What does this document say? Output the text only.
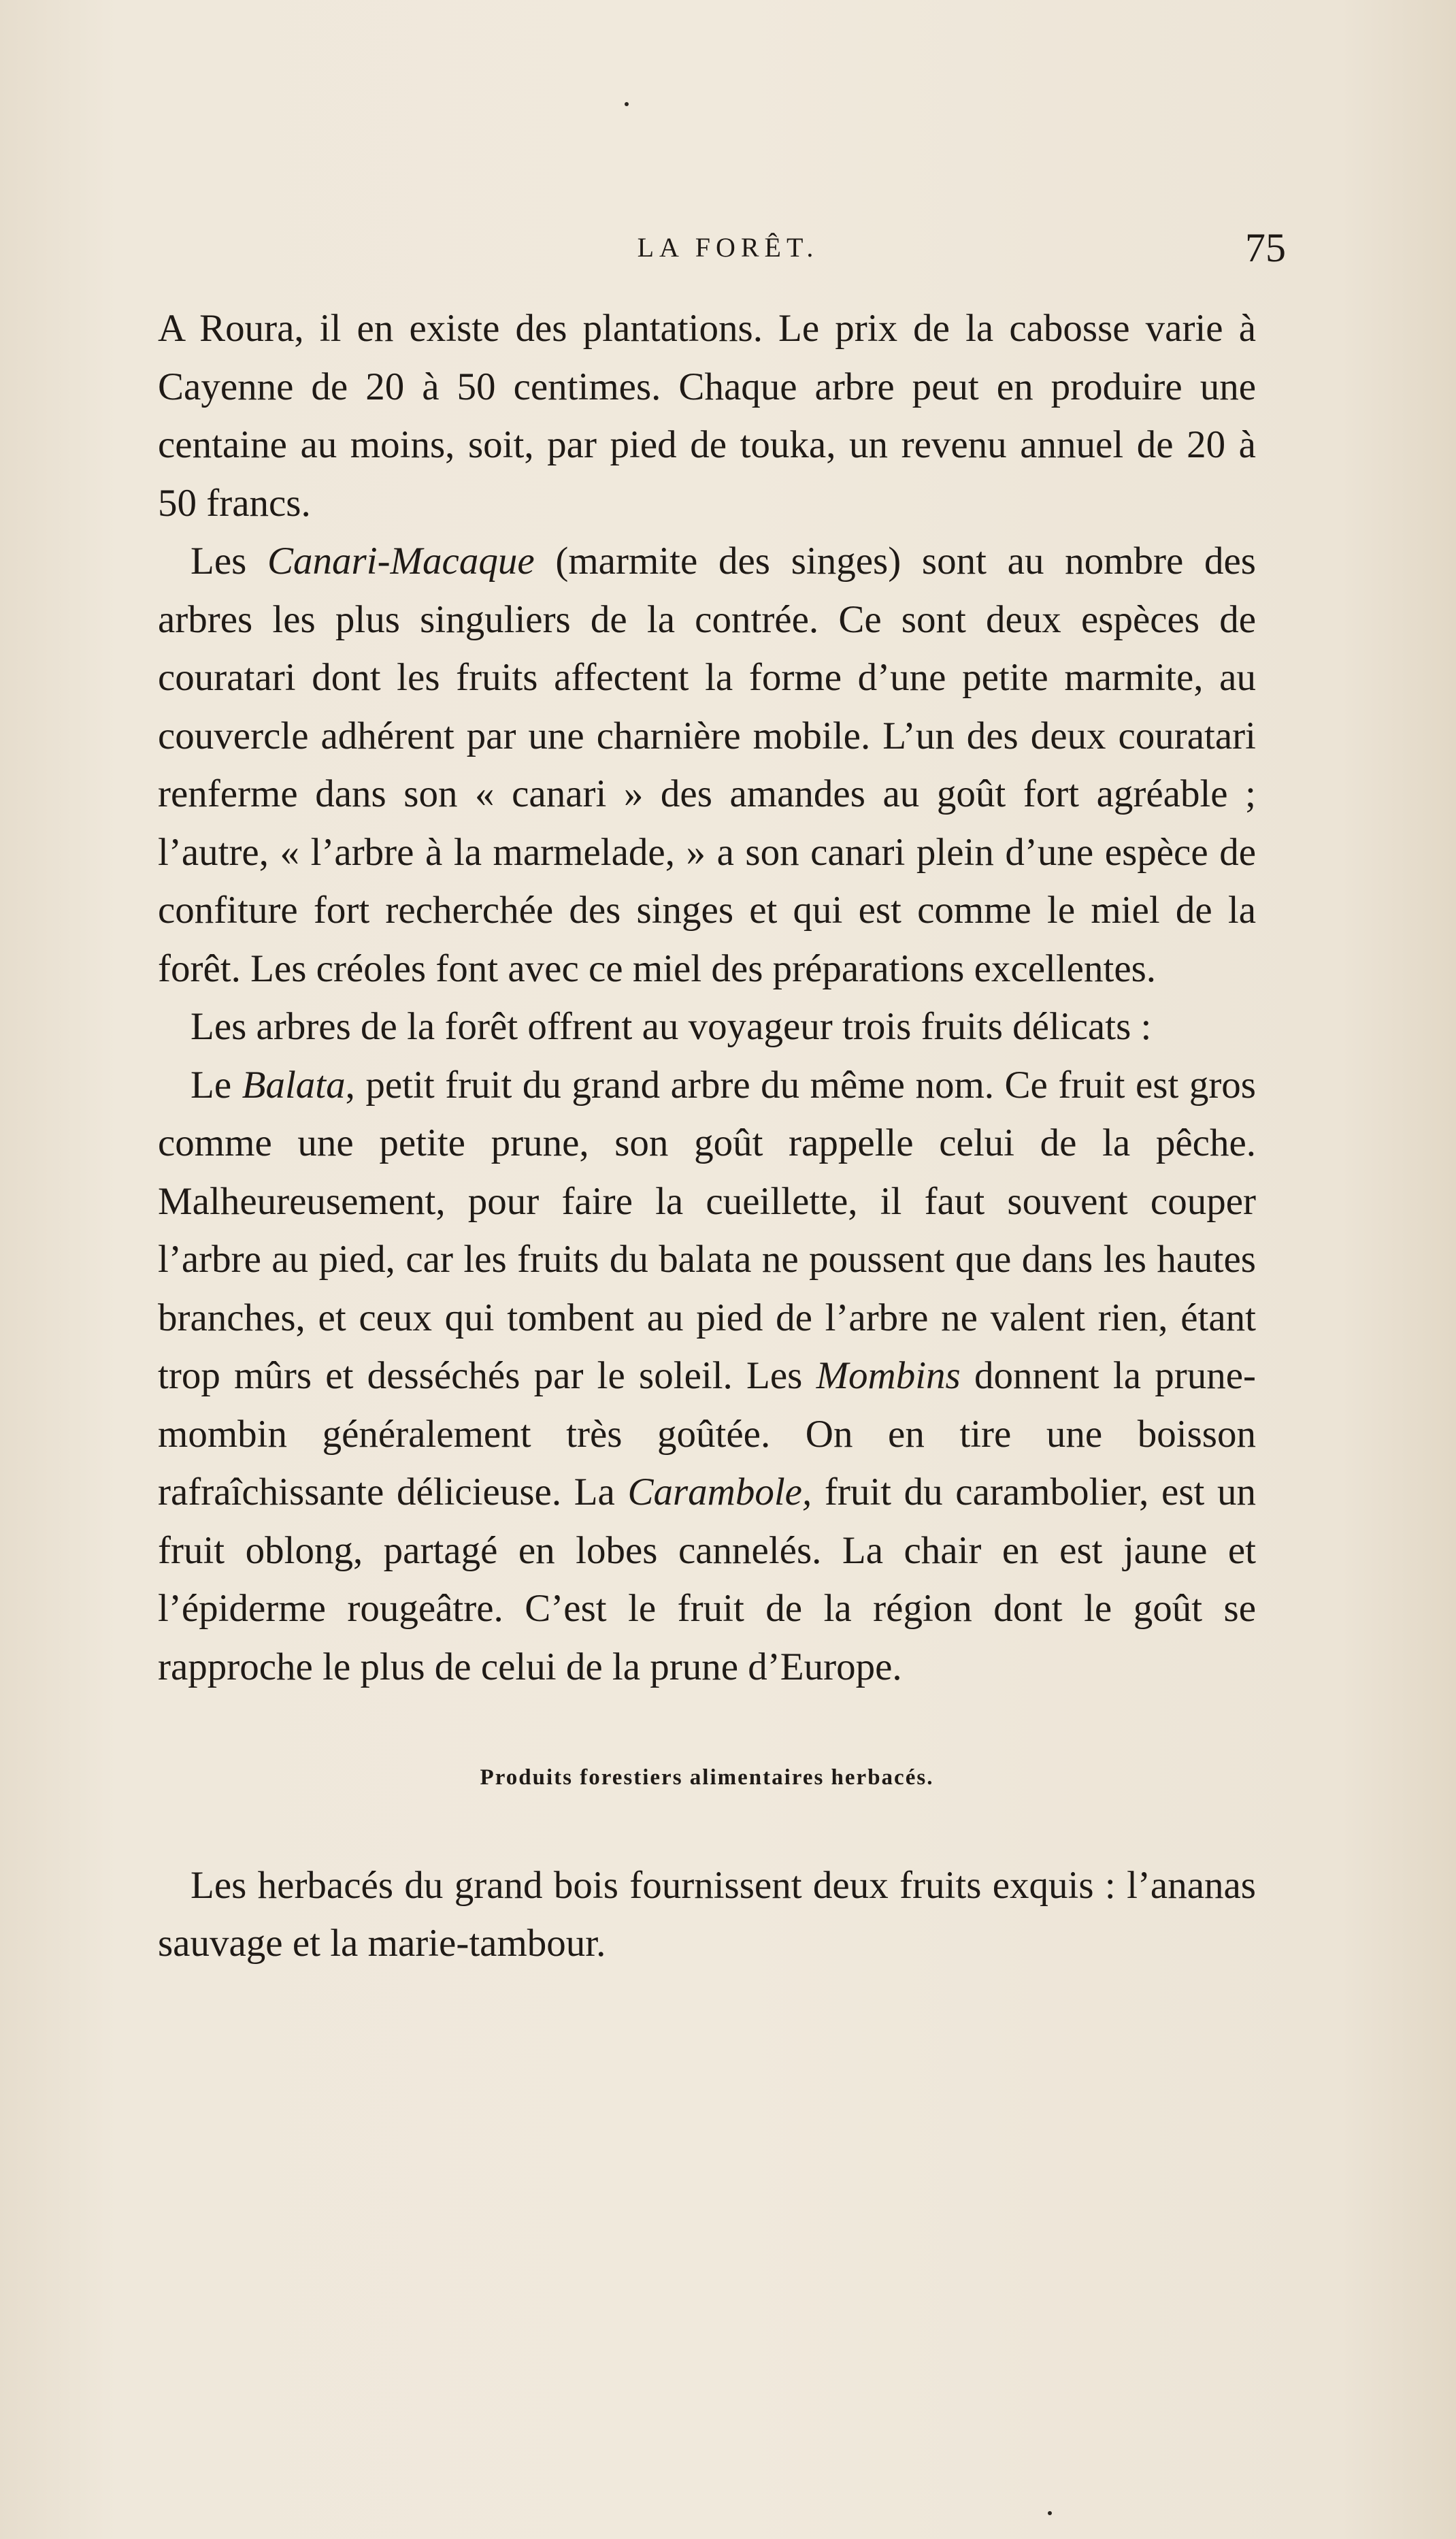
LA FORÊT.	75

A Roura, il en existe des plantations. Le prix de la cabosse varie à Cayenne de 20 à 50 centimes. Chaque arbre peut en produire une centaine au moins, soit, par pied de touka, un revenu annuel de 20 à 50 francs.

Les Canari-Macaque (marmite des singes) sont au nombre des arbres les plus singuliers de la contrée. Ce sont deux espèces de couratari dont les fruits affectent la forme d’une petite marmite, au couvercle adhérent par une charnière mobile. L’un des deux couratari renferme dans son « canari » des amandes au goût fort agréable ; l’autre, « l’arbre à la marmelade, » a son canari plein d’une espèce de confiture fort recherchée des singes et qui est comme le miel de la forêt. Les créoles font avec ce miel des préparations excellentes.

Les arbres de la forêt offrent au voyageur trois fruits délicats :

Le Balata, petit fruit du grand arbre du même nom. Ce fruit est gros comme une petite prune, son goût rappelle celui de la pêche. Malheureusement, pour faire la cueillette, il faut souvent couper l’arbre au pied, car les fruits du balata ne poussent que dans les hautes branches, et ceux qui tombent au pied de l’arbre ne valent rien, étant trop mûrs et desséchés par le soleil. Les Mombins donnent la prune-mombin généralement très goûtée. On en tire une boisson rafraîchissante délicieuse. La Carambole, fruit du carambolier, est un fruit oblong, partagé en lobes cannelés. La chair en est jaune et l’épiderme rougeâtre. C’est le fruit de la région dont le goût se rapproche le plus de celui de la prune d’Europe.

Produits forestiers alimentaires herbacés.

Les herbacés du grand bois fournissent deux fruits exquis : l’ananas sauvage et la marie-tambour.
